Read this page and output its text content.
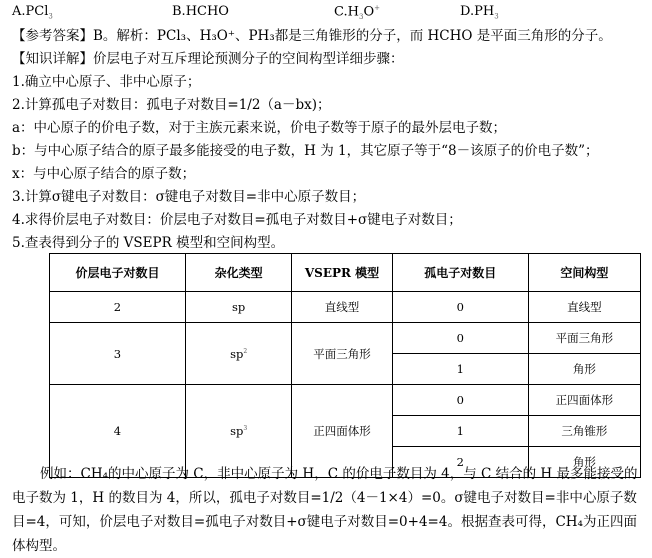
A.PCl$_3$	B.HCHO	$C.H_3O^+$	$D.PH_3$
【参考答案】B。解析：PCl₃、H₃O⁺、PH₃都是三角锥形的分子，而 HCHO 是平面三角形的分子。
【知识详解】价层电子对互斥理论预测分子的空间构型详细步骤：
1.确立中心原子、非中心原子；
2.计算孤电子对数目：孤电子对数目=1/2（a－bx)；
a：中心原子的价电子数，对于主族元素来说，价电子数等于原子的最外层电子数；
b：与中心原子结合的原子最多能接受的电子数，H 为 1，其它原子等于“8－该原子的价电子数”；
x：与中心原子结合的原子数；
3.计算σ键电子对数目：σ键电子对数目=非中心原子数目；
4.求得价层电子对数目：价层电子对数目=孤电子对数目+σ键电子对数目；
5.查表得到分子的 VSEPR 模型和空间构型。
价层电子对数目	杂化类型	VSEPR 模型	孤电子对数目	空间构型
2	sp	直线型	0	直线型
3	$sp^2$	平面三角形	0	平面三角形
			1	角形
4	$sp^3$	正四面体形	0	正四面体形
			1	三角锥形
			2	角形
例如：CH₄的中心原子为 C，非中心原子为 H，C 的价电子数目为 4，与 C 结合的 H 最多能接受的电子数为 1，H 的数目为 4，所以，孤电子对数目=1/2（4－1×4）=0。σ键电子对数目=非中心原子数目=4，可知，价层电子对数目=孤电子对数目+σ键电子对数目=0+4=4。根据查表可得，CH₄为正四面体构型。
